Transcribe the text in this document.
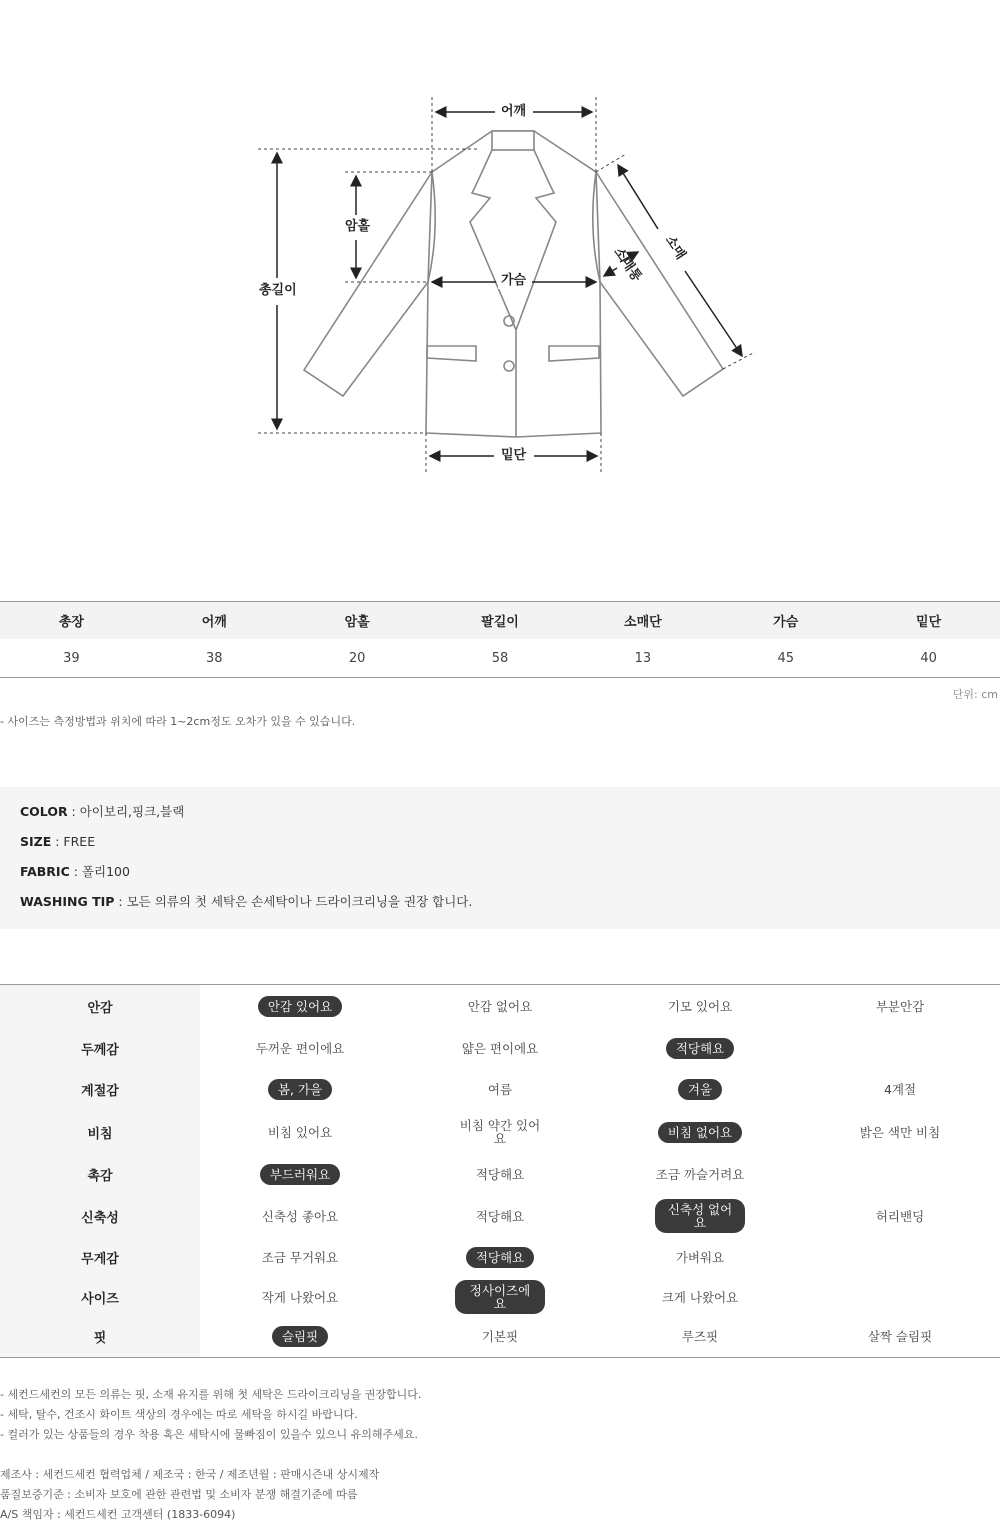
어깨
암홀
총길이
가슴	소매통 소매
밑단
총장	어깨	암홀	팔길이	소매단	가슴	밑단
39	38	20	58	13	45	40
단위: cm
- 사이즈는 측정방법과 위치에 따라 1~2cm정도 오차가 있을 수 있습니다.
COLOR : 아이보리,핑크,블랙
SIZE : FREE
FABRIC : 폴리100
WASHING TIP : 모든 의류의 첫 세탁은 손세탁이나 드라이크리닝을 권장 합니다.
안감	안감 있어요	안감 없어요	기모 있어요	부분안감
두께감	두꺼운 편이에요	얇은 편이에요	적당해요
계절감	봄, 가을	여름	겨울	4계절
비침	비침 있어요	비침 약간 있어요	비침 없어요	밝은 색만 비침
촉감	부드러워요	적당해요	조금 까슬거려요
신축성	신축성 좋아요	적당해요	신축성 없어요	허리밴딩
무게감	조금 무거워요	적당해요	가벼워요
사이즈	작게 나왔어요	정사이즈에요	크게 나왔어요
핏	슬림핏	기본핏	루즈핏	살짝 슬림핏
- 세컨드세컨의 모든 의류는 핏, 소재 유지를 위해 첫 세탁은 드라이크리닝을 권장합니다.
- 세탁, 탈수, 건조시 화이트 색상의 경우에는 따로 세탁을 하시길 바랍니다.
- 컬러가 있는 상품들의 경우 착용 혹은 세탁시에 물빠짐이 있을수 있으니 유의해주세요.
제조사 : 세컨드세컨 협력업체 / 제조국 : 한국 / 제조년월 : 판매시즌내 상시제작
품질보증기준 : 소비자 보호에 관한 관련법 및 소비자 분쟁 해결기준에 따름
A/S 책임자 : 세컨드세컨 고객센터 (1833-6094)
